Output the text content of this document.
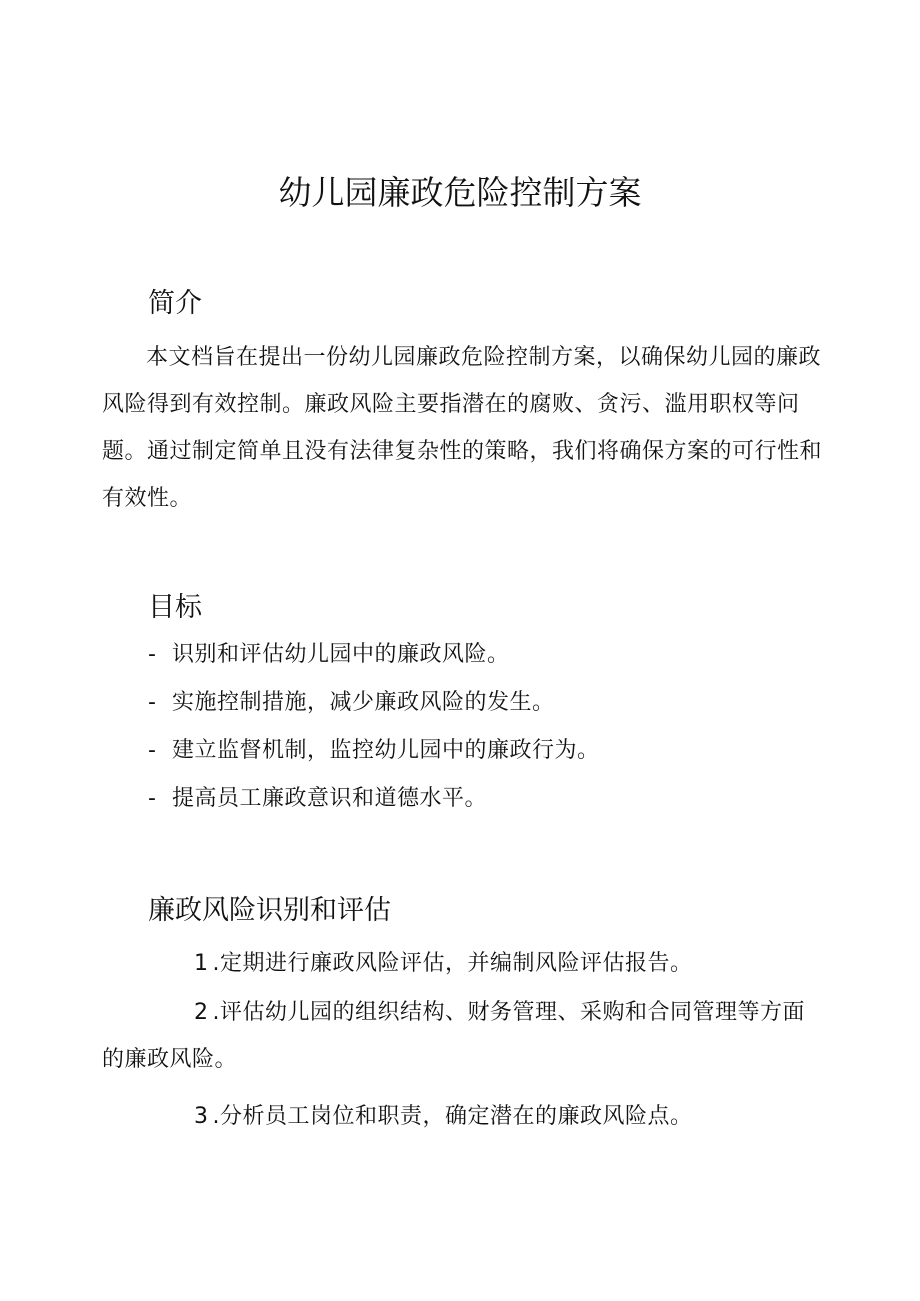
幼儿园廉政危险控制方案
简介

本文档旨在提出一份幼儿园廉政危险控制方案，以确保幼儿园的廉政风险得到有效控制。廉政风险主要指潜在的腐败、贪污、滥用职权等问题。通过制定简单且没有法律复杂性的策略，我们将确保方案的可行性和有效性。

目标
- 识别和评估幼儿园中的廉政风险。
- 实施控制措施，减少廉政风险的发生。
- 建立监督机制，监控幼儿园中的廉政行为。
- 提高员工廉政意识和道德水平。
廉政风险识别和评估

1 .定期进行廉政风险评估，并编制风险评估报告。

2 .评估幼儿园的组织结构、财务管理、采购和合同管理等方面的廉政风险。

3 .分析员工岗位和职责，确定潜在的廉政风险点。
